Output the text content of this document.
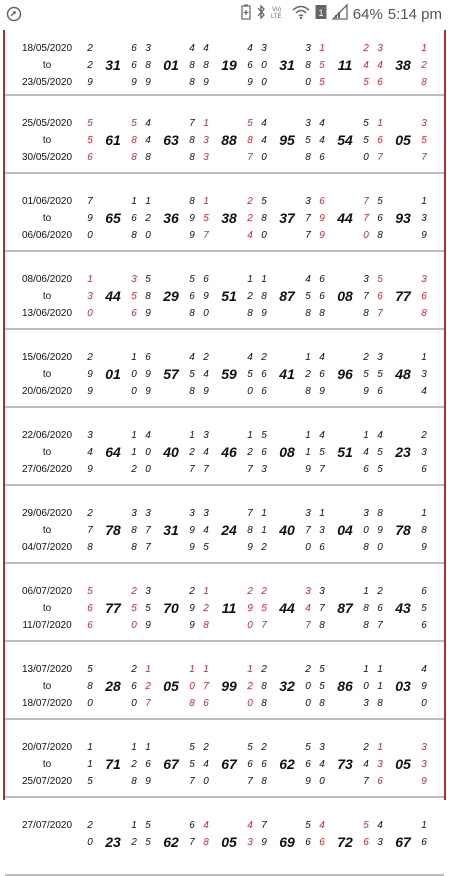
Vo)
LTE	1 64% 5:14 pm
18/05/2020
to
23/05/2020
2
2
9
6
6
9
31
3
8
9
4
8
8
01
4
8
9
4
6
9
19
3
0
0
3
8
0
31
1
5
5
2
4
5
11
3
4
6
1
2
8
38
25/05/2020
to
30/05/2020
5
5
6
5
8
8
61
4
4
8
7
8
8
63
1
3
3
5
8
7
88
4
4
0
3
5
8
95
4
4
6
5
5
0
54
1
6
7
3
5
7
05
01/06/2020
to
06/06/2020
7
9
0
1
6
8
65
1
2
0
8
9
9
36
1
5
7
2
2
4
38
5
8
0
3
7
7
37
6
9
9
7
7
0
44
5
6
8
1
3
9
93
08/06/2020
to
13/06/2020
1
3
0
3
5
6
44
5
8
9
5
6
8
29
6
9
0
1
2
8
51
1
8
9
4
5
8
87
6
6
8
3
7
8
08
5
6
7
3
6
8
77
15/06/2020
to
20/06/2020
2
9
9
1
0
0
01
6
9
9
4
5
8
57
2
4
9
4
5
0
59
2
6
6
1
2
8
41
4
6
9
2
5
9
96
3
5
6
1
3
4
48
22/06/2020
to
27/06/2020
3
4
9
1
1
2
64
4
0
0
1
2
7
40
3
4
7
1
2
7
46
5
6
3
1
1
9
08
4
5
7
1
4
6
51
4
5
5
2
3
6
23
29/06/2020
to
04/07/2020
2
7
8
3
8
8
78
3
7
7
3
9
9
31
3
4
5
7
8
9
24
1
1
2
3
7
0
40
1
3
6
3
0
8
04
8
9
0
1
8
9
78
06/07/2020
to
11/07/2020
5
6
6
2
5
0
77
3
5
9
2
9
9
70
1
2
8
2
9
0
11
2
5
7
3
4
7
44
3
7
8
1
8
8
87
2
6
7
6
5
6
43
13/07/2020
to
18/07/2020
5
8
0
2
6
0
28
1
2
7
1
0
8
05
1
7
6
1
2
0
99
2
8
8
2
0
0
32
5
5
8
1
0
3
86
1
1
8
4
9
0
03
20/07/2020
to
25/07/2020
1
1
5
1
2
8
71
1
6
9
5
5
7
67
2
4
0
5
6
7
67
2
6
8
5
6
9
62
3
4
0
2
4
7
73
1
3
6
3
3
9
05
27/07/2020	2
0
1
2
23
5
5
6
7
62
4
8
4
3
05
7
9
5
6
69
4
6
5
6
72
4
3
1
6
67
